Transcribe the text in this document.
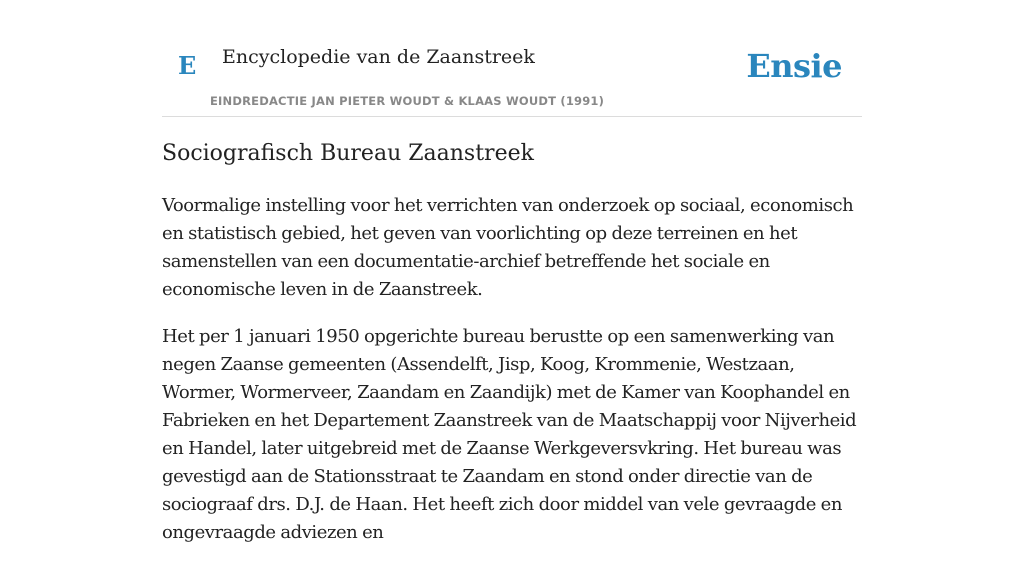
E Encyclopedie van de Zaanstreek
EINDREDACTIE JAN PIETER WOUDT & KLAAS WOUDT (1991)
Ensie
Sociografisch Bureau Zaanstreek

Voormalige instelling voor het verrichten van onderzoek op sociaal, economisch en statistisch gebied, het geven van voorlichting op deze terreinen en het samenstellen van een documentatie-archief betreffende het sociale en economische leven in de Zaanstreek.

Het per 1 januari 1950 opgerichte bureau berustte op een samenwerking van negen Zaanse gemeenten (Assendelft, Jisp, Koog, Krommenie, Westzaan, Wormer, Wormerveer, Zaandam en Zaandijk) met de Kamer van Koophandel en Fabrieken en het Departement Zaanstreek van de Maatschappij voor Nijverheid en Handel, later uitgebreid met de Zaanse Werkgeversvkring. Het bureau was gevestigd aan de Stationsstraat te Zaandam en stond onder directie van de sociograaf drs. D.J. de Haan. Het heeft zich door middel van vele gevraagde en ongevraagde adviezen en
